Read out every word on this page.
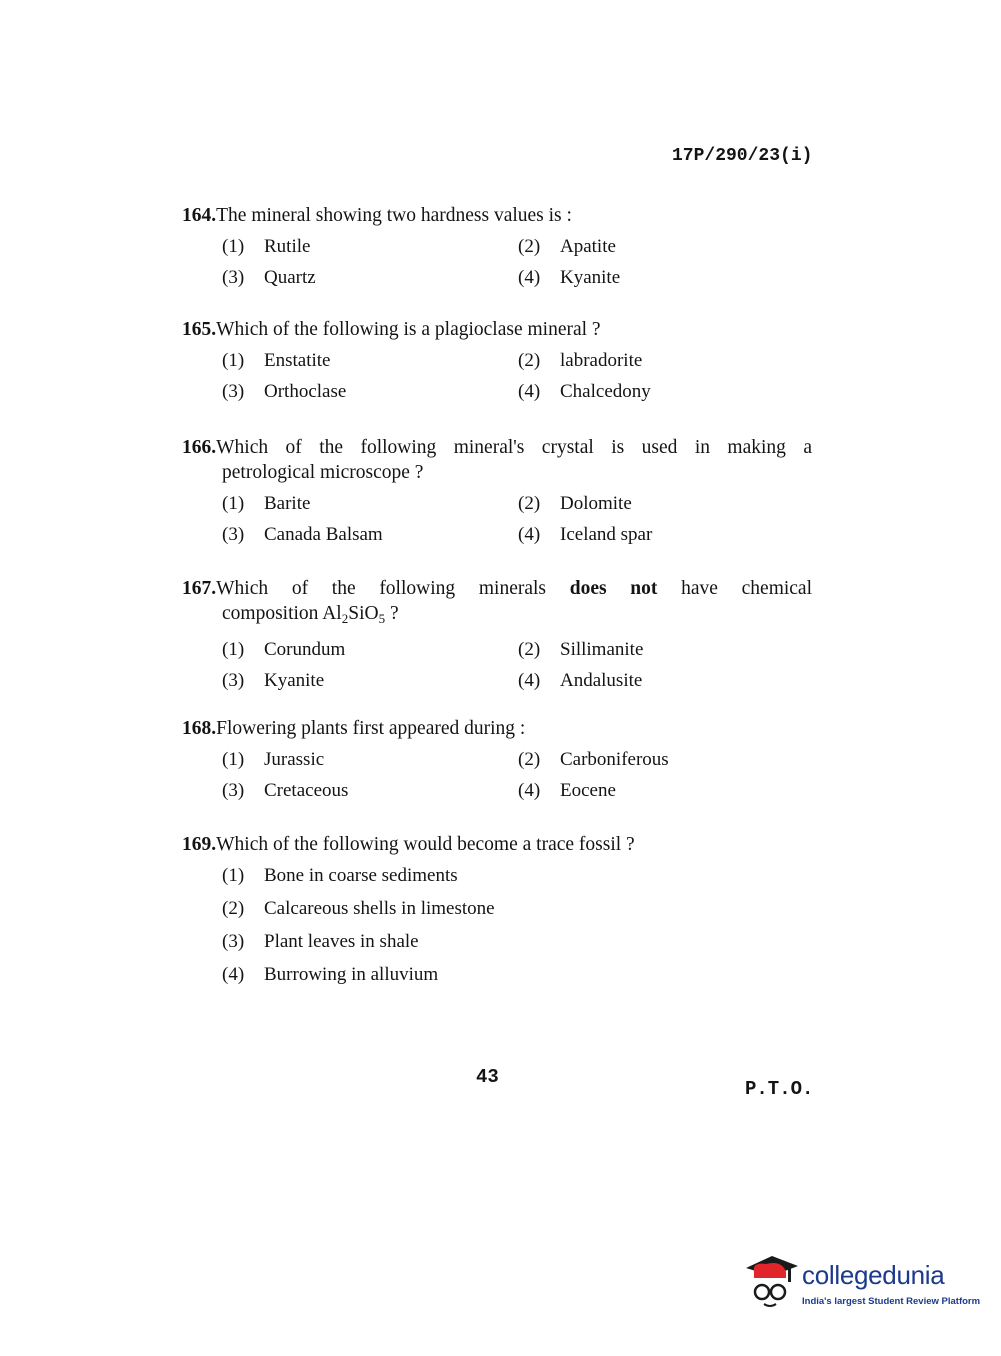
17P/290/23(i)
164. The mineral showing two hardness values is :
(1)	Rutile	(2)	Apatite
(3)	Quartz	(4)	Kyanite
165. Which of the following is a plagioclase mineral ?
(1)	Enstatite	(2)	labradorite
(3)	Orthoclase	(4)	Chalcedony
166. Which of the following mineral's crystal is used in making a
petrological microscope ?
(1)	Barite	(2)	Dolomite
(3)	Canada Balsam	(4)	Iceland spar
167. Which of the following minerals does not have chemical
composition $Al_2SiO_5$ ?
(1)	Corundum	(2)	Sillimanite
(3)	Kyanite	(4)	Andalusite
168. Flowering plants first appeared during :
(1)	Jurassic	(2)	Carboniferous
(3)	Cretaceous	(4)	Eocene
169. Which of the following would become a trace fossil ?
(1)	Bone in coarse sediments
(2)	Calcareous shells in limestone
(3)	Plant leaves in shale
(4)	Burrowing in alluvium
43
P.T.O.
collegedunia
India's largest Student Review Platform
